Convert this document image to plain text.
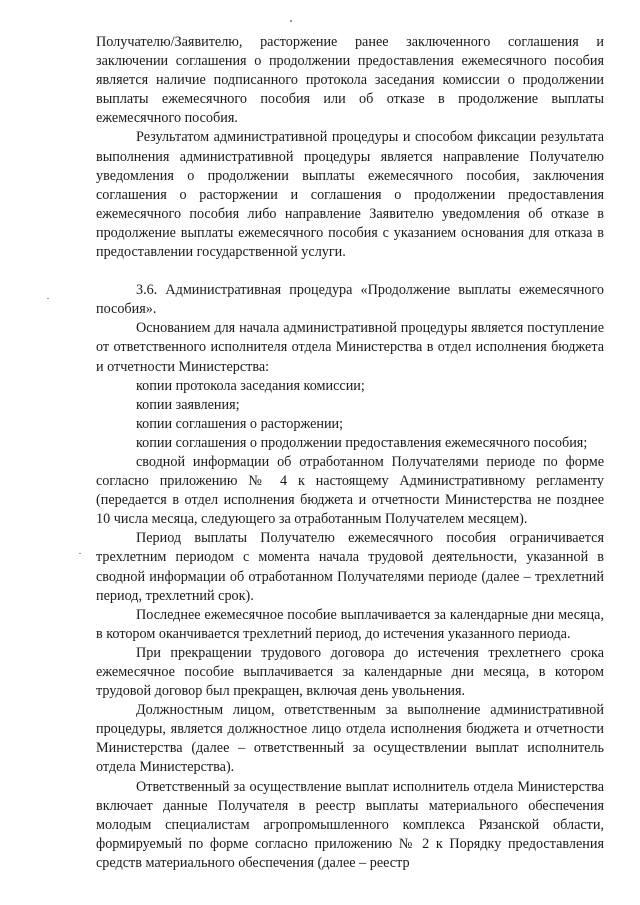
Получателю/Заявителю, расторжение ранее заключенного соглашения и заключении соглашения о продолжении предоставления ежемесячного пособия является наличие подписанного протокола заседания комиссии о продолжении выплаты ежемесячного пособия или об отказе в продолжение выплаты ежемесячного пособия.

Результатом административной процедуры и способом фиксации результата выполнения административной процедуры является направление Получателю уведомления о продолжении выплаты ежемесячного пособия, заключения соглашения о расторжении и соглашения о продолжении предоставления ежемесячного пособия либо направление Заявителю уведомления об отказе в продолжение выплаты ежемесячного пособия с указанием основания для отказа в предоставлении государственной услуги.

3.6. Административная процедура «Продолжение выплаты ежемесячного пособия».

Основанием для начала административной процедуры является поступление от ответственного исполнителя отдела Министерства в отдел исполнения бюджета и отчетности Министерства:

копии протокола заседания комиссии;

копии заявления;

копии соглашения о расторжении;

копии соглашения о продолжении предоставления ежемесячного пособия;

сводной информации об отработанном Получателями периоде по форме согласно приложению № 4 к настоящему Административному регламенту (передается в отдел исполнения бюджета и отчетности Министерства не позднее 10 числа месяца, следующего за отработанным Получателем месяцем).

Период выплаты Получателю ежемесячного пособия ограничивается трехлетним периодом с момента начала трудовой деятельности, указанной в сводной информации об отработанном Получателями периоде (далее – трехлетний период, трехлетний срок).

Последнее ежемесячное пособие выплачивается за календарные дни месяца, в котором оканчивается трехлетний период, до истечения указанного периода.

При прекращении трудового договора до истечения трехлетнего срока ежемесячное пособие выплачивается за календарные дни месяца, в котором трудовой договор был прекращен, включая день увольнения.

Должностным лицом, ответственным за выполнение административной процедуры, является должностное лицо отдела исполнения бюджета и отчетности Министерства (далее – ответственный за осуществлении выплат исполнитель отдела Министерства).

Ответственный за осуществление выплат исполнитель отдела Министерства включает данные Получателя в реестр выплаты материального обеспечения молодым специалистам агропромышленного комплекса Рязанской области, формируемый по форме согласно приложению № 2 к Порядку предоставления средств материального обеспечения (далее – реестр
